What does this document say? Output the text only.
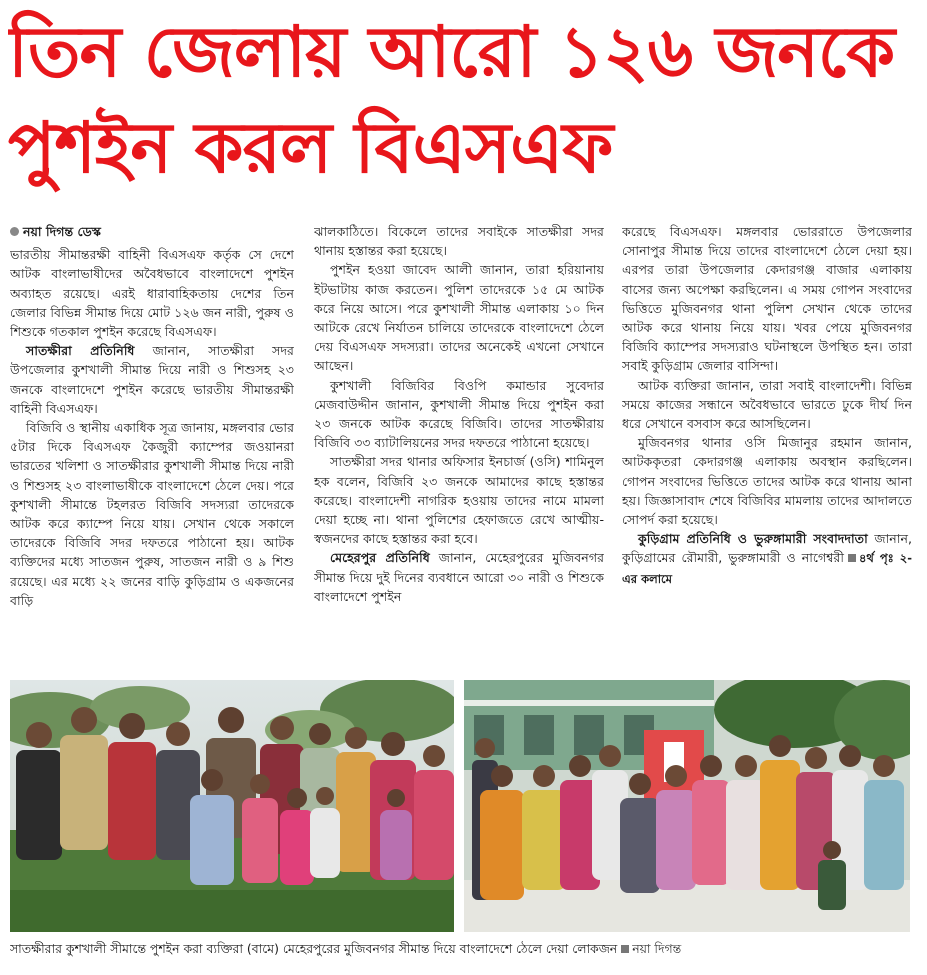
তিন জেলায় আরো ১২৬ জনকে
পুশইন করল বিএসএফ

নয়া দিগন্ত ডেস্ক

ভারতীয় সীমান্তরক্ষী বাহিনী বিএসএফ কর্তৃক সে দেশে আটক বাংলাভাষীদের অবৈধভাবে বাংলাদেশে পুশইন অব্যাহত রয়েছে। এরই ধারাবাহিকতায় দেশের তিন জেলার বিভিন্ন সীমান্ত দিয়ে মোট ১২৬ জন নারী, পুরুষ ও শিশুকে গতকাল পুশইন করেছে বিএসএফ।

সাতক্ষীরা প্রতিনিধি জানান, সাতক্ষীরা সদর উপজেলার কুশখালী সীমান্ত দিয়ে নারী ও শিশুসহ ২৩ জনকে বাংলাদেশে পুশইন করেছে ভারতীয় সীমান্তরক্ষী বাহিনী বিএসএফ।

বিজিবি ও স্থানীয় একাধিক সূত্র জানায়, মঙ্গলবার ভোর ৫টার দিকে বিএসএফ কৈজুরী ক্যাম্পের জওয়ানরা ভারতের খলিশা ও সাতক্ষীরার কুশখালী সীমান্ত দিয়ে নারী ও শিশুসহ ২৩ বাংলাভাষীকে বাংলাদেশে ঠেলে দেয়। পরে কুশখালী সীমান্তে টহলরত বিজিবি সদস্যরা তাদেরকে আটক করে ক্যাম্পে নিয়ে যায়। সেখান থেকে সকালে তাদেরকে বিজিবি সদর দফতরে পাঠানো হয়। আটক ব্যক্তিদের মধ্যে সাতজন পুরুষ, সাতজন নারী ও ৯ শিশু রয়েছে। এর মধ্যে ২২ জনের বাড়ি কুড়িগ্রাম ও একজনের বাড়ি

ঝালকাঠিতে। বিকেলে তাদের সবাইকে সাতক্ষীরা সদর থানায় হস্তান্তর করা হয়েছে।

পুশইন হওয়া জাবেদ আলী জানান, তারা হরিয়ানায় ইটভাটায় কাজ করতেন। পুলিশ তাদেরকে ১৫ মে আটক করে নিয়ে আসে। পরে কুশখালী সীমান্ত এলাকায় ১০ দিন আটকে রেখে নির্যাতন চালিয়ে তাদেরকে বাংলাদেশে ঠেলে দেয় বিএসএফ সদস্যরা। তাদের অনেকেই এখনো সেখানে আছেন।

কুশখালী বিজিবির বিওপি কমান্ডার সুবেদার মেজবাউদ্দীন জানান, কুশখালী সীমান্ত দিয়ে পুশইন করা ২৩ জনকে আটক করেছে বিজিবি। তাদের সাতক্ষীরায় বিজিবি ৩৩ ব্যাটালিয়নের সদর দফতরে পাঠানো হয়েছে।

সাতক্ষীরা সদর থানার অফিসার ইনচার্জ (ওসি) শামিনুল হক বলেন, বিজিবি ২৩ জনকে আমাদের কাছে হস্তান্তর করেছে। বাংলাদেশী নাগরিক হওয়ায় তাদের নামে মামলা দেয়া হচ্ছে না। থানা পুলিশের হেফাজতে রেখে আত্মীয়-স্বজনদের কাছে হস্তান্তর করা হবে।

মেহেরপুর প্রতিনিধি জানান, মেহেরপুরের মুজিবনগর সীমান্ত দিয়ে দুই দিনের ব্যবধানে আরো ৩০ নারী ও শিশুকে বাংলাদেশে পুশইন

করেছে বিএসএফ। মঙ্গলবার ভোররাতে উপজেলার সোনাপুর সীমান্ত দিয়ে তাদের বাংলাদেশে ঠেলে দেয়া হয়। এরপর তারা উপজেলার কেদারগঞ্জ বাজার এলাকায় বাসের জন্য অপেক্ষা করছিলেন। এ সময় গোপন সংবাদের ভিত্তিতে মুজিবনগর থানা পুলিশ সেখান থেকে তাদের আটক করে থানায় নিয়ে যায়। খবর পেয়ে মুজিবনগর বিজিবি ক্যাম্পের সদস্যরাও ঘটনাস্থলে উপস্থিত হন। তারা সবাই কুড়িগ্রাম জেলার বাসিন্দা।

আটক ব্যক্তিরা জানান, তারা সবাই বাংলাদেশী। বিভিন্ন সময়ে কাজের সন্ধানে অবৈধভাবে ভারতে ঢুকে দীর্ঘ দিন ধরে সেখানে বসবাস করে আসছিলেন।

মুজিবনগর থানার ওসি মিজানুর রহমান জানান, আটককৃতরা কেদারগঞ্জ এলাকায় অবস্থান করছিলেন। গোপন সংবাদের ভিত্তিতে তাদের আটক করে থানায় আনা হয়। জিজ্ঞাসাবাদ শেষে বিজিবির মামলায় তাদের আদালতে সোপর্দ করা হয়েছে।

কুড়িগ্রাম প্রতিনিধি ও ভুরুঙ্গামারী সংবাদদাতা জানান, কুড়িগ্রামের রৌমারী, ভুরুঙ্গামারী ও নাগেশ্বরী ৪র্থ পৃঃ ২-এর কলামে

সাতক্ষীরার কুশখালী সীমান্তে পুশইন করা ব্যক্তিরা (বামে) মেহেরপুরের মুজিবনগর সীমান্ত দিয়ে বাংলাদেশে ঠেলে দেয়া লোকজন নয়া দিগন্ত
